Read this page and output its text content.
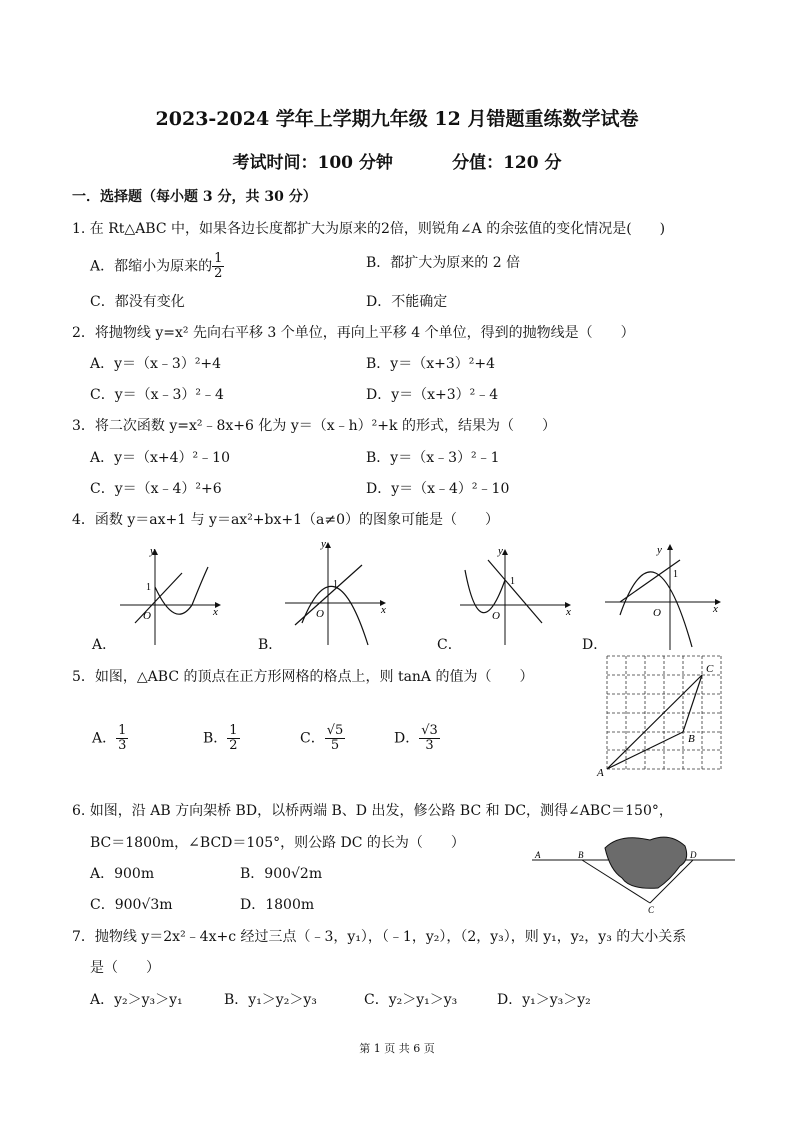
2023-2024 学年上学期九年级 12 月错题重练数学试卷
考试时间：100 分钟          分值：120 分
一．选择题（每小题 3 分，共 30 分）
1. 在 Rt△ABC 中，如果各边长度都扩大为原来的2倍，则锐角∠A 的余弦值的变化情况是(　　)
A．都缩小为原来的 $\frac{1}{2}$	B．都扩大为原来的 2 倍
C．都没有变化	D．不能确定
2．将抛物线 y=x² 先向右平移 3 个单位，再向上平移 4 个单位，得到的抛物线是（　　）
A．y＝（x﹣3）²+4	B．y＝（x+3）²+4
C．y＝（x﹣3）²﹣4	D．y＝（x+3）²﹣4
3．将二次函数 y=x²﹣8x+6 化为 y＝（x﹣h）²+k 的形式，结果为（　　）
A．y＝（x+4）²﹣10	B．y＝（x﹣3）²﹣1
C．y＝（x﹣4）²+6	D．y＝（x﹣4）²﹣10
4．函数 y＝ax+1 与 y＝ax²+bx+1（a≠0）的图象可能是（　　）
y
x
O
1
y
x
O
1
y
x
O
1
y
x
O
1
A．	B．	C．	D．
5．如图，△ABC 的顶点在正方形网格的格点上，则 tanA 的值为（　　）
A． $\frac{1}{3}$	B． $\frac{1}{2}$	C． $\frac{√5}{5}$	D． $\frac{√3}{3}$
A
B
C
6. 如图，沿 AB 方向架桥 BD，以桥两端 B、D 出发，修公路 BC 和 DC，测得∠ABC＝150°，
BC＝1800m，∠BCD＝105°，则公路 DC 的长为（　　）
A．900m	B．900√2m
C．900√3m	D．1800m
A	B	D
C
7．抛物线 y＝2x²﹣4x+c 经过三点（﹣3，y₁），（﹣1，y₂），（2，y₃），则 y₁，y₂，y₃ 的大小关系
是（　　）
A．y₂＞y₃＞y₁	B．y₁＞y₂＞y₃	C．y₂＞y₁＞y₃	D．y₁＞y₃＞y₂
第 1 页 共 6 页
